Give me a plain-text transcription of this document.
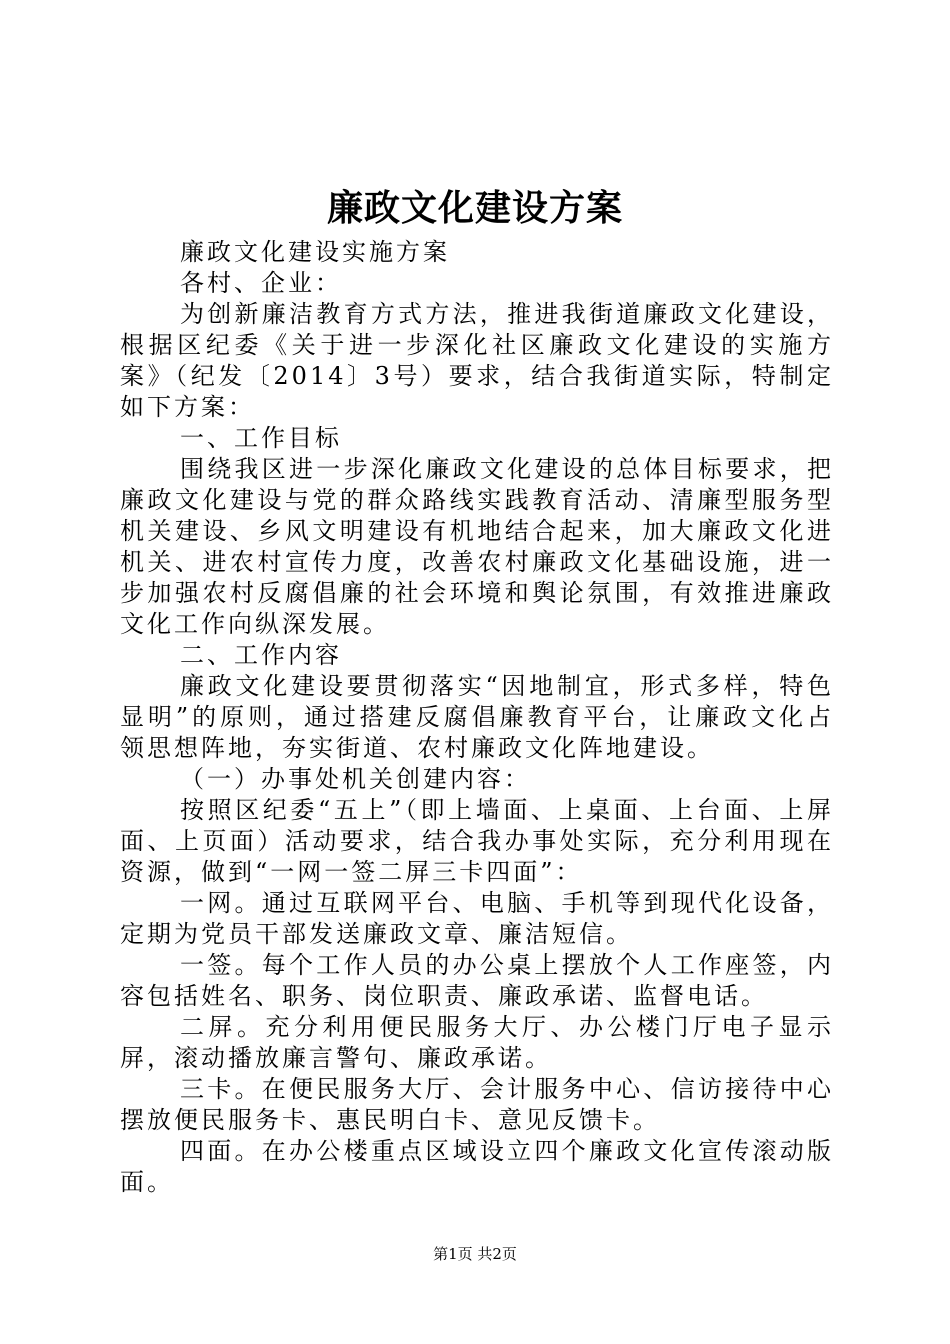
廉政文化建设方案

廉政文化建设实施方案

各村、企业：

为创新廉洁教育方式方法，推进我街道廉政文化建设，根据区纪委《关于进一步深化社区廉政文化建设的实施方案》（纪发〔2014〕3号）要求，结合我街道实际，特制定如下方案：

一、工作目标

围绕我区进一步深化廉政文化建设的总体目标要求，把廉政文化建设与党的群众路线实践教育活动、清廉型服务型机关建设、乡风文明建设有机地结合起来，加大廉政文化进机关、进农村宣传力度，改善农村廉政文化基础设施，进一步加强农村反腐倡廉的社会环境和舆论氛围，有效推进廉政文化工作向纵深发展。

二、工作内容

廉政文化建设要贯彻落实“因地制宜，形式多样，特色显明”的原则，通过搭建反腐倡廉教育平台，让廉政文化占领思想阵地，夯实街道、农村廉政文化阵地建设。

（一）办事处机关创建内容：

按照区纪委“五上”（即上墙面、上桌面、上台面、上屏面、上页面）活动要求，结合我办事处实际，充分利用现在资源，做到“一网一签二屏三卡四面”：

一网。通过互联网平台、电脑、手机等到现代化设备，定期为党员干部发送廉政文章、廉洁短信。

一签。每个工作人员的办公桌上摆放个人工作座签，内容包括姓名、职务、岗位职责、廉政承诺、监督电话。

二屏。充分利用便民服务大厅、办公楼门厅电子显示屏，滚动播放廉言警句、廉政承诺。

三卡。在便民服务大厅、会计服务中心、信访接待中心摆放便民服务卡、惠民明白卡、意见反馈卡。

四面。在办公楼重点区域设立四个廉政文化宣传滚动版面。

第1页 共2页
